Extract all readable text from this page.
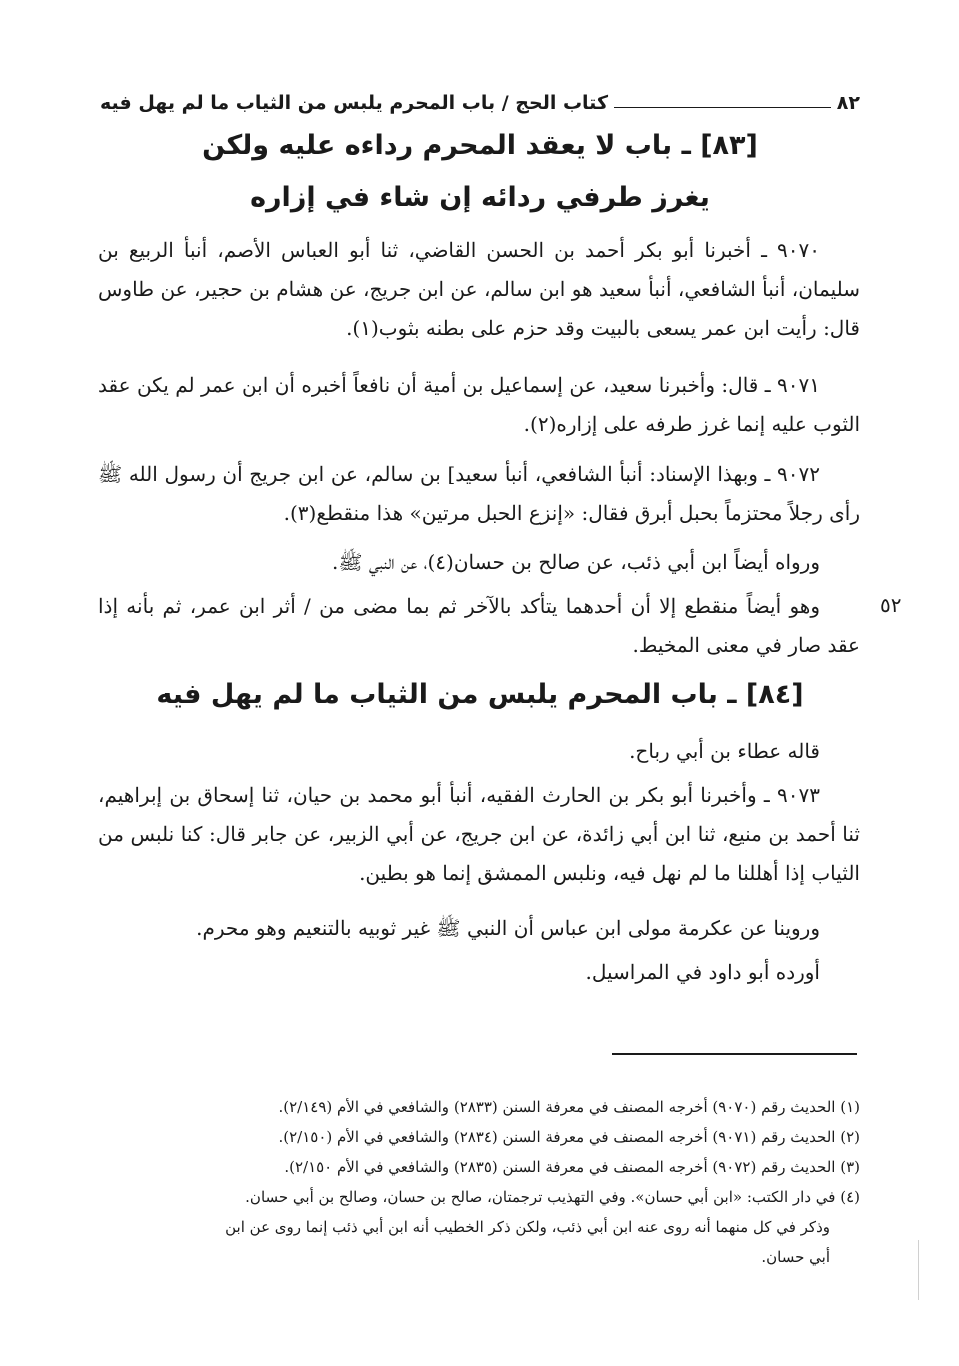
٨٢
كتاب الحج / باب المحرم يلبس من الثياب ما لم يهل فيه
[٨٣] ـ باب لا يعقد المحرم رداءه عليه ولكن
يغرز طرفي ردائه إن شاء في إزاره
٩٠٧٠ ـ أخبرنا أبو بكر أحمد بن الحسن القاضي، ثنا أبو العباس الأصم، أنبأ الربيع بن سليمان، أنبأ الشافعي، أنبأ سعيد هو ابن سالم، عن ابن جريج، عن هشام بن حجير، عن طاوس قال: رأيت ابن عمر يسعى بالبيت وقد حزم على بطنه بثوب(١).
٩٠٧١ ـ قال: وأخبرنا سعيد، عن إسماعيل بن أمية أن نافعاً أخبره أن ابن عمر لم يكن عقد الثوب عليه إنما غرز طرفه على إزاره(٢).
٩٠٧٢ ـ وبهذا الإسناد: أنبأ الشافعي، أنبأ سعيد] بن سالم، عن ابن جريج أن رسول الله ﷺ رأى رجلاً محتزماً بحبل أبرق فقال: «إنزع الحبل مرتين» هذا منقطع(٣).
ورواه أيضاً ابن أبي ذئب، عن صالح بن حسان(٤)، عن النبي ﷺ.
٥٢
وهو أيضاً منقطع إلا أن أحدهما يتأكد بالآخر ثم بما مضى من / أثر ابن عمر، ثم بأنه إذا عقد صار في معنى المخيط.
[٨٤] ـ باب المحرم يلبس من الثياب ما لم يهل فيه
قاله عطاء بن أبي رباح.
٩٠٧٣ ـ وأخبرنا أبو بكر بن الحارث الفقيه، أنبأ أبو محمد بن حيان، ثنا إسحاق بن إبراهيم، ثنا أحمد بن منيع، ثنا ابن أبي زائدة، عن ابن جريج، عن أبي الزبير، عن جابر قال: كنا نلبس من الثياب إذا أهللنا ما لم نهل فيه، ونلبس الممشق إنما هو بطين.
وروينا عن عكرمة مولى ابن عباس أن النبي ﷺ غير ثوبيه بالتنعيم وهو محرم.
أورده أبو داود في المراسيل.
(١) الحديث رقم (٩٠٧٠) أخرجه المصنف في معرفة السنن (٢٨٣٣) والشافعي في الأم (٢/١٤٩).
(٢) الحديث رقم (٩٠٧١) أخرجه المصنف في معرفة السنن (٢٨٣٤) والشافعي في الأم (٢/١٥٠).
(٣) الحديث رقم (٩٠٧٢) أخرجه المصنف في معرفة السنن (٢٨٣٥) والشافعي في الأم ٢/١٥٠).
(٤) في دار الكتب: «ابن أبي حسان». وفي التهذيب ترجمتان، صالح بن حسان، وصالح بن أبي حسان.
وذكر في كل منهما أنه روى عنه ابن أبي ذئب، ولكن ذكر الخطيب أنه ابن أبي ذئب إنما روى عن ابن
أبي حسان.
